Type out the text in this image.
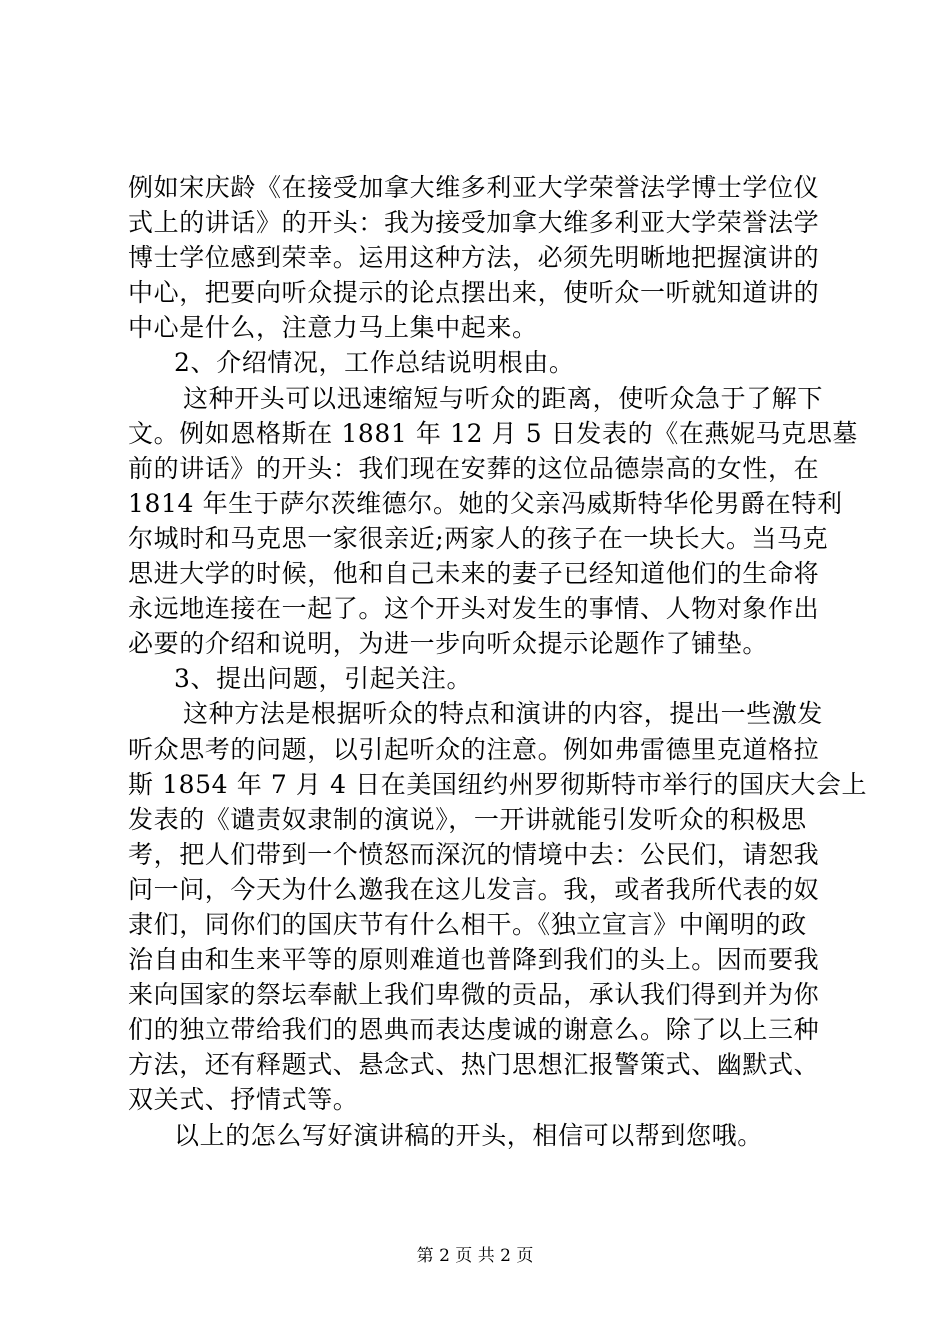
例如宋庆龄《在接受加拿大维多利亚大学荣誉法学博士学位仪
式上的讲话》的开头：我为接受加拿大维多利亚大学荣誉法学
博士学位感到荣幸。运用这种方法，必须先明晰地把握演讲的
中心，把要向听众提示的论点摆出来，使听众一听就知道讲的
中心是什么，注意力马上集中起来。
2、介绍情况，工作总结说明根由。
这种开头可以迅速缩短与听众的距离，使听众急于了解下
文。例如恩格斯在 1881 年 12 月 5 日发表的《在燕妮马克思墓
前的讲话》的开头：我们现在安葬的这位品德崇高的女性，在
1814 年生于萨尔茨维德尔。她的父亲冯威斯特华伦男爵在特利
尔城时和马克思一家很亲近;两家人的孩子在一块长大。当马克
思进大学的时候，他和自己未来的妻子已经知道他们的生命将
永远地连接在一起了。这个开头对发生的事情、人物对象作出
必要的介绍和说明，为进一步向听众提示论题作了铺垫。
3、提出问题，引起关注。
这种方法是根据听众的特点和演讲的内容，提出一些激发
听众思考的问题，以引起听众的注意。例如弗雷德里克道格拉
斯 1854 年 7 月 4 日在美国纽约州罗彻斯特市举行的国庆大会上
发表的《谴责奴隶制的演说》，一开讲就能引发听众的积极思
考，把人们带到一个愤怒而深沉的情境中去：公民们，请恕我
问一问，今天为什么邀我在这儿发言。我，或者我所代表的奴
隶们，同你们的国庆节有什么相干。《独立宣言》中阐明的政
治自由和生来平等的原则难道也普降到我们的头上。因而要我
来向国家的祭坛奉献上我们卑微的贡品，承认我们得到并为你
们的独立带给我们的恩典而表达虔诚的谢意么。除了以上三种
方法，还有释题式、悬念式、热门思想汇报警策式、幽默式、
双关式、抒情式等。
以上的怎么写好演讲稿的开头，相信可以帮到您哦。
第 2 页 共 2 页
